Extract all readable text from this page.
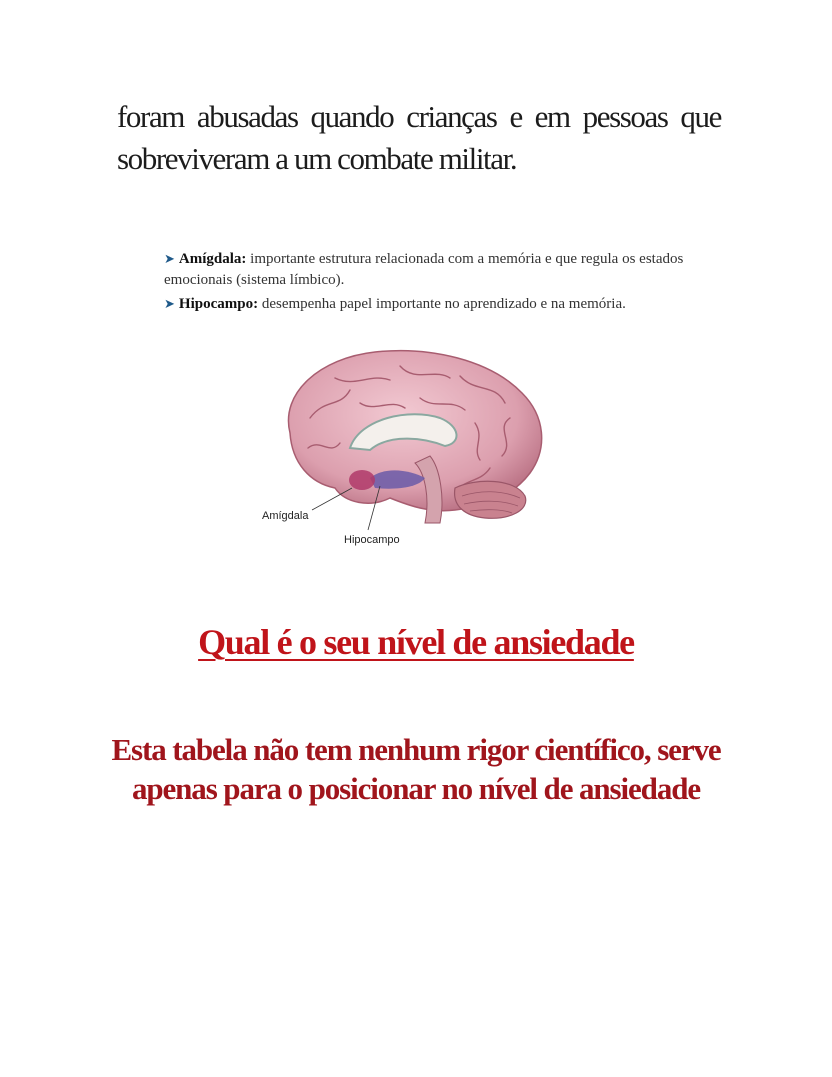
foram abusadas quando crianças e em pessoas que
sobreviveram a um combate militar.

➤ Amígdala: importante estrutura relacionada com a memória e que regula os estados emocionais (sistema límbico).

➤ Hipocampo: desempenha papel importante no aprendizado e na memória.

Amígdala
Hipocampo
Qual é o seu nível de ansiedade

Esta tabela não tem nenhum rigor científico, serve
apenas para o posicionar no nível de ansiedade
